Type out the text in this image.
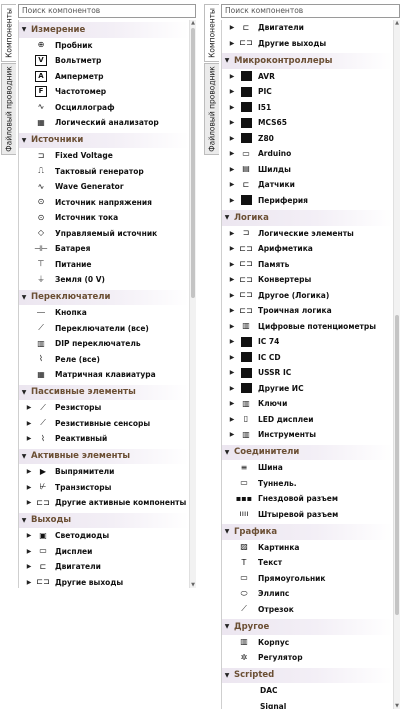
Компоненты
Файловый проводник
Поиск компонентов
▼ Измерение
⊕	Пробник
V	Вольтметр
A	Амперметр
F	Частотомер
∿	Осциллограф
▦	Логический анализатор
▼ Источники
⊐	Fixed Voltage
⎍	Тактовый генератор
∿	Wave Generator
⊙	Источник напряжения
⊙	Источник тока
◇	Управляемый источник
⊣⊢ Батарея
⊤	Питание
⏚	Земля (0 V)
▼ Переключатели
⎯⎯	Кнопка
⟋	Переключатели (все)
▥	DIP переключатель
⌇	Реле (все)
▦	Матричная клавиатура
▼ Пассивные элементы
▶	⟋	Резисторы
▶	⟋	Резистивные сенсоры
▶	⌇	Реактивный
▼ Активные элементы
▶	▶	Выпрямители
▶	⊬	Транзисторы
▶ ⊏⊐ Другие активные компоненты
▼ Выходы
▶ ▣	Светодиоды
▶ ▭	Дисплеи
▶	⊏	Двигатели
▶ ⊏⊐ Другие выходы
▲
▼
Компоненты
Файловый проводник
Поиск компонентов
▶	⊏	Двигатели
▶ ⊏⊐ Другие выходы
▼ Микроконтроллеры
▶	AVR
▶	PIC
▶	I51
▶	MCS65
▶	Z80
▶ ▭	Arduino
▶ ▤	Шилды
▶	⊏	Датчики
▶	Периферия
▼ Логика
▶	⊐	Логические элементы
▶ ⊏⊐ Арифметика
▶ ⊏⊐ Память
▶ ⊏⊐ Конвертеры
▶ ⊏⊐ Другое (Логика)
▶ ⊏⊐ Троичная логика
▶ ▥	Цифровые потенциометры
▶	IC 74
▶	IC CD
▶	USSR IC
▶	Другие ИС
▶ ▥	Ключи
▶	▯	LED дисплеи
▶ ▥	Инструменты
▼ Соединители
≡	Шина
▭	Туннель.
▪▪▪ Гнездовой разъем
ıııı	Штыревой разъем
▼ Графика
▨	Картинка
T	Текст
▭	Прямоугольник
⬭	Эллипс
⟋	Отрезок
▼ Другое
▥	Корпус
✲	Регулятор
▼ Scripted
DAC
Signal
▲
▼
